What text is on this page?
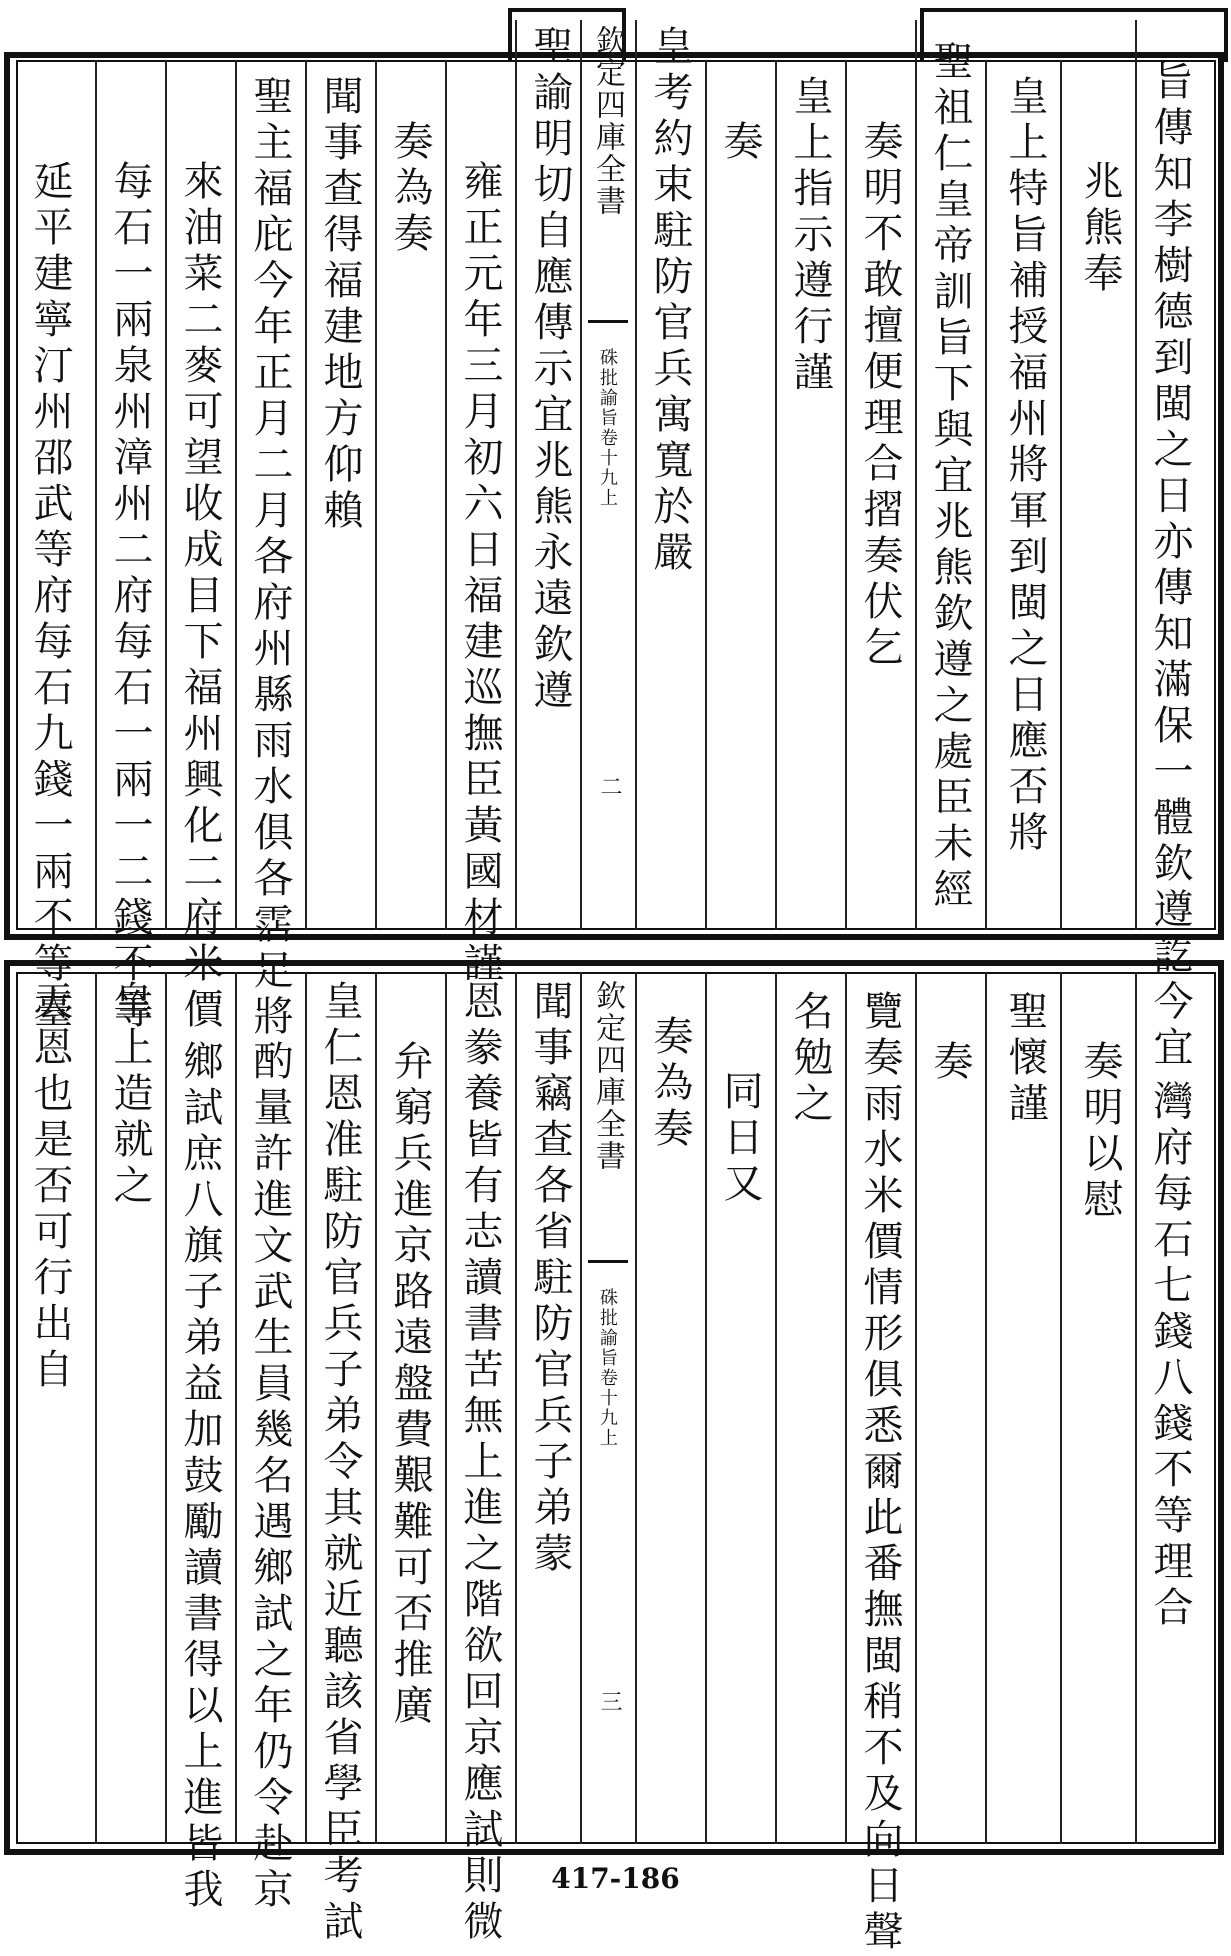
旨傳知李樹德到閩之日亦傳知滿保一體欽遵訖今宜
兆熊奉
皇上特旨補授福州將軍到閩之日應否將
聖祖仁皇帝訓旨下與宜兆熊欽遵之處臣未經
奏明不敢擅便理合摺奏伏乞
皇上指示遵行謹
奏
皇考約束駐防官兵寓寬於嚴
欽定四庫全書
硃批諭旨卷十九上
二
聖諭明切自應傳示宜兆熊永遠欽遵
雍正元年三月初六日福建巡撫臣黃國材謹
奏為奏
聞事查得福建地方仰賴
聖主福庇今年正月二月各府州縣雨水俱各霑足將
來油菜二麥可望收成目下福州興化二府米價
每石一兩泉州漳州二府每石一兩一二錢不等
延平建寧汀州邵武等府每石九錢一兩不等臺
灣府每石七錢八錢不等理合
奏明以慰
聖懷謹
奏
覽奏雨水米價情形俱悉爾此番撫閩稍不及向日聲
名勉之
同日又
奏為奏
欽定四庫全書
硃批諭旨卷十九上
三
聞事竊查各省駐防官兵子弟蒙
恩豢養皆有志讀書苦無上進之階欲回京應試則微
弁窮兵進京路遠盤費艱難可否推廣
皇仁恩准駐防官兵子弟令其就近聽該省學臣考試
酌量許進文武生員幾名遇鄉試之年仍令赴京
鄉試庶八旗子弟益加鼓勵讀書得以上進皆我
皇上造就之
天恩也是否可行出自
417-186
